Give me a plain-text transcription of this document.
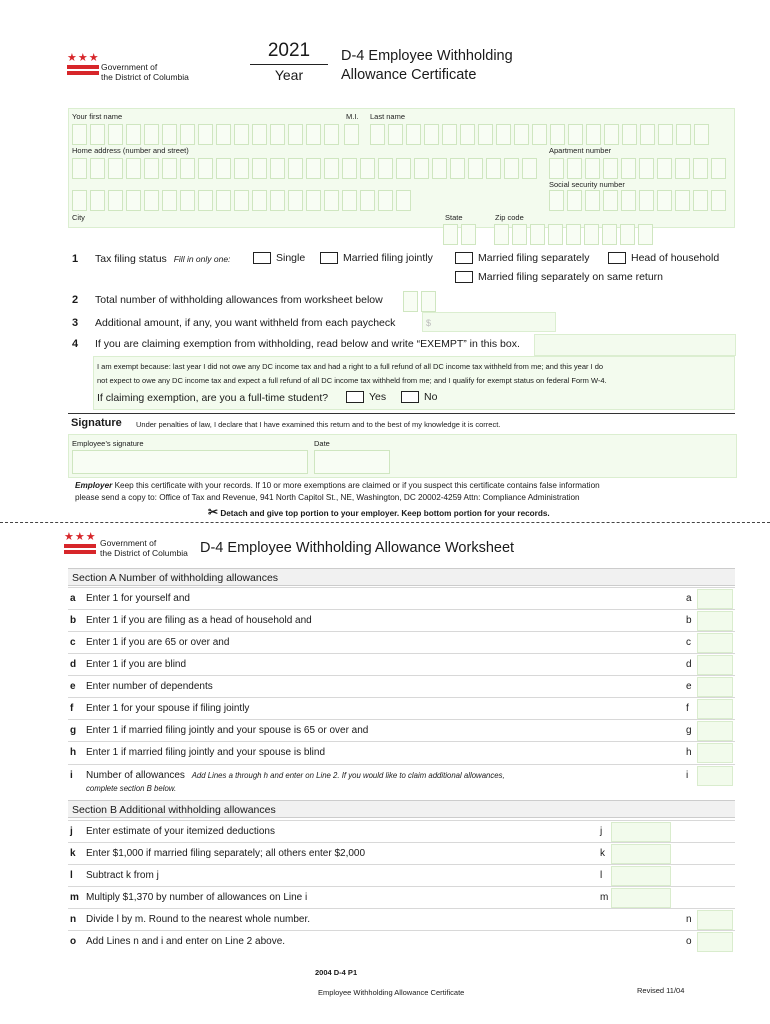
★★★
Government of
the District of Columbia
2021
Year
D-4 Employee Withholding
Allowance Certificate
Your first name	M.I. Last name
Home address (number and street)	Apartment number
Social security number
City	State	Zip code
1 Tax filing status Fill in only one:	Single	Married filing jointly	Married filing separately	Head of household
Married filing separately on same return
2 Total number of withholding allowances from worksheet below
3 Additional amount, if any, you want withheld from each paycheck	$
4 If you are claiming exemption from withholding, read below and write “EXEMPT” in this box.
I am exempt because: last year I did not owe any DC income tax and had a right to a full refund of all DC income tax withheld from me; and this year I do
not expect to owe any DC income tax and expect a full refund of all DC income tax withheld from me; and I qualify for exempt status on federal Form W-4.
If claiming exemption, are you a full-time student?	Yes	No
Signature Under penalties of law, I declare that I have examined this return and to the best of my knowledge it is correct.
Employee’s signature	Date
Employer Keep this certificate with your records. If 10 or more exemptions are claimed or if you suspect this certificate contains false information
please send a copy to: Office of Tax and Revenue, 941 North Capitol St., NE, Washington, DC 20002-4259 Attn: Compliance Administration
✂ Detach and give top portion to your employer. Keep bottom portion for your records.
★★★ Government of
the District of Columbia D-4 Employee Withholding Allowance Worksheet
Section A Number of withholding allowances
a Enter 1 for yourself and	a
b Enter 1 if you are filing as a head of household and	b
c Enter 1 if you are 65 or over and	c
d Enter 1 if you are blind	d
e Enter number of dependents	e
f Enter 1 for your spouse if filing jointly	f
g Enter 1 if married filing jointly and your spouse is 65 or over and	g
h Enter 1 if married filing jointly and your spouse is blind	h
i Number of allowances Add Lines a through h and enter on Line 2. If you would like to claim additional allowances,
complete section B below.
i
Section B Additional withholding allowances
j Enter estimate of your itemized deductions	j
k Enter $1,000 if married filing separately; all others enter $2,000	k
l Subtract k from j	l
m Multiply $1,370 by number of allowances on Line i	m
n Divide l by m. Round to the nearest whole number.	n
o Add Lines n and i and enter on Line 2 above.	o
2004 D-4 P1
Employee Withholding Allowance Certificate	Revised 11/04
